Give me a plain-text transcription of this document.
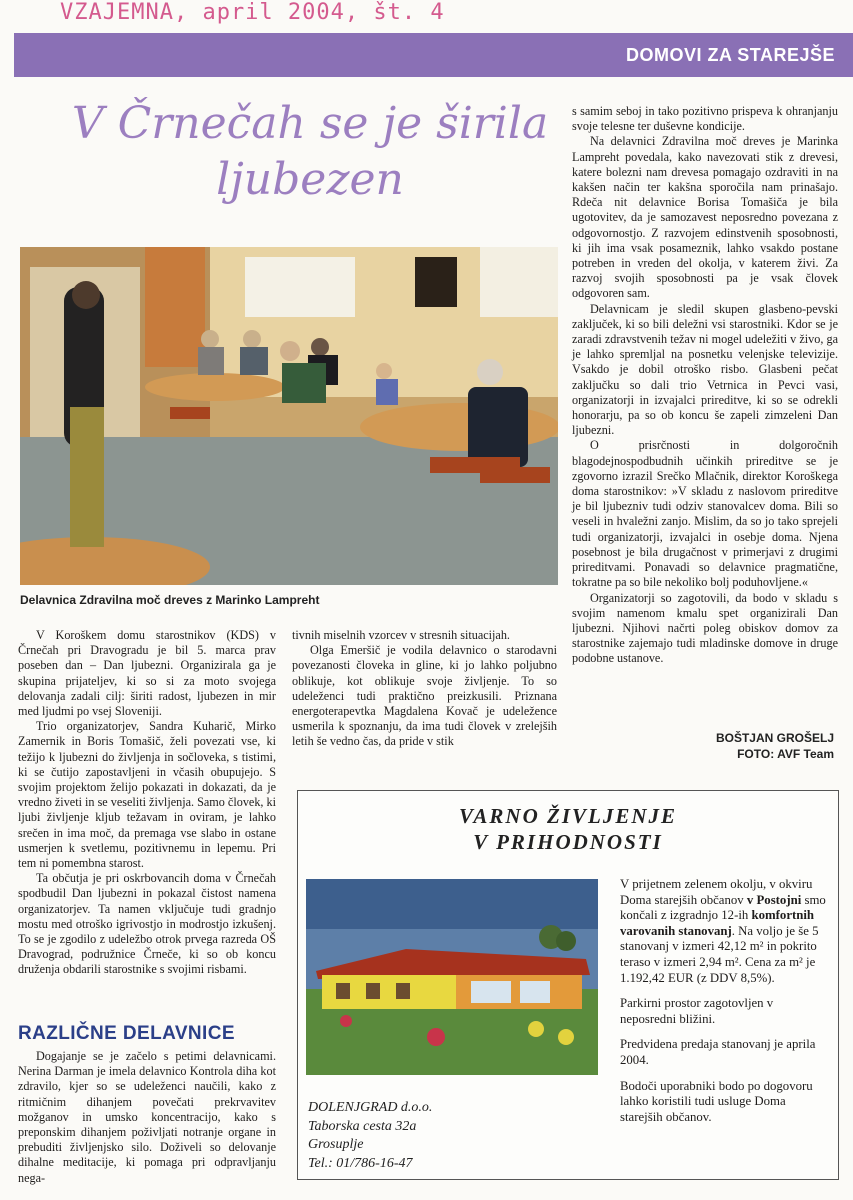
VZAJEMNA, april 2004, št. 4
DOMOVI ZA STAREJŠE
V Črnečah se je širila ljubezen
Delavnica Zdravilna moč dreves z Marinko Lampreht

V Koroškem domu starostnikov (KDS) v Črnečah pri Dravogradu je bil 5. marca prav poseben dan – Dan ljubezni. Organizirala ga je skupina prijateljev, ki so si za moto svojega delovanja zadali cilj: širiti radost, ljubezen in mir med ljudmi po vsej Sloveniji.

Trio organizatorjev, Sandra Kuharič, Mirko Zamernik in Boris Tomašič, želi povezati vse, ki težijo k ljubezni do življenja in sočloveka, s tistimi, ki se čutijo zapostavljeni in včasih obupujejo. S svojim projektom želijo pokazati in dokazati, da je vredno živeti in se veseliti življenja. Samo človek, ki ljubi življenje kljub težavam in oviram, je lahko srečen in ima moč, da premaga vse slabo in ostane usmerjen k svetlemu, pozitivnemu in lepemu. Pri tem ni pomembna starost.

Ta občutja je pri oskrbovancih doma v Črnečah spodbudil Dan ljubezni in pokazal čistost namena organizatorjev. Ta namen vključuje tudi gradnjo mostu med otroško igrivostjo in modrostjo izkušenj. To se je zgodilo z udeležbo otrok prvega razreda OŠ Dravograd, podružnice Črneče, ki so ob koncu druženja obdarili starostnike s svojimi risbami.

RAZLIČNE DELAVNICE

Dogajanje se je začelo s petimi delavnicami. Nerina Darman je imela delavnico Kontrola diha kot zdravilo, kjer so se udeleženci naučili, kako z ritmičnim dihanjem povečati prekrvavitev možganov in umsko koncentracijo, kako s preponskim dihanjem poživljati notranje organe in prebuditi življenjsko silo. Doživeli so delovanje dihalne meditacije, ki pomaga pri odpravljanju nega-

tivnih miselnih vzorcev v stresnih situacijah.

Olga Emeršič je vodila delavnico o starodavni povezanosti človeka in gline, ki jo lahko poljubno oblikuje, kot oblikuje svoje življenje. To so udeleženci tudi praktično preizkusili. Priznana energoterapevtka Magdalena Kovač je udeležence usmerila k spoznanju, da ima tudi človek v zrelejših letih še vedno čas, da pride v stik

s samim seboj in tako pozitivno prispeva k ohranjanju svoje telesne ter duševne kondicije.

Na delavnici Zdravilna moč dreves je Marinka Lampreht povedala, kako navezovati stik z drevesi, katere bolezni nam drevesa pomagajo ozdraviti in na kakšen način ter kakšna sporočila nam prinašajo. Rdeča nit delavnice Borisa Tomašiča je bila ugotovitev, da je samozavest neposredno povezana z odgovornostjo. Z razvojem edinstvenih sposobnosti, ki jih ima vsak posameznik, lahko vsakdo postane potreben in vreden del okolja, v katerem živi. Za razvoj svojih sposobnosti pa je vsak človek odgovoren sam.

Delavnicam je sledil skupen glasbeno-pevski zaključek, ki so bili deležni vsi starostniki. Kdor se je zaradi zdravstvenih težav ni mogel udeležiti v živo, ga je lahko spremljal na posnetku velenjske televizije. Vsakdo je dobil otroško risbo. Glasbeni pečat zaključku so dali trio Vetrnica in Pevci vasi, organizatorji in izvajalci prireditve, ki so se odrekli honorarju, pa so ob koncu še zapeli zimzeleni Dan ljubezni.

O prisrčnosti in dolgoročnih blagodejnospodbudnih učinkih prireditve se je zgovorno izrazil Srečko Mlačnik, direktor Koroškega doma starostnikov: »V skladu z naslovom prireditve je bil ljubezniv tudi odziv stanovalcev doma. Bili so veseli in hvaležni zanjo. Mislim, da so jo tako sprejeli tudi organizatorji, izvajalci in osebje doma. Njena posebnost je bila drugačnost v primerjavi z drugimi prireditvami. Ponavadi so delavnice pragmatične, tokratne pa so bile nekoliko bolj poduhovljene.«

Organizatorji so zagotovili, da bodo v skladu s svojim namenom kmalu spet organizirali Dan ljubezni. Njihovi načrti poleg obiskov domov za starostnike zajemajo tudi mladinske domove in druge podobne ustanove.

BOŠTJAN GROŠELJ
FOTO: AVF Team
VARNO ŽIVLJENJE
V PRIHODNOSTI

V prijetnem zelenem okolju, v okviru Doma starejših občanov v Postojni smo končali z izgradnjo 12-ih komfortnih varovanih stanovanj. Na voljo je še 5 stanovanj v izmeri 42,12 m² in pokrito teraso v izmeri 2,94 m². Cena za m² je 1.192,42 EUR (z DDV 8,5%).

Parkirni prostor zagotovljen v neposredni bližini.

Predvidena predaja stanovanj je aprila 2004.

Bodoči uporabniki bodo po dogovoru lahko koristili tudi usluge Doma starejših občanov.

DOLENJGRAD d.o.o.
Taborska cesta 32a
Grosuplje
Tel.: 01/786-16-47
